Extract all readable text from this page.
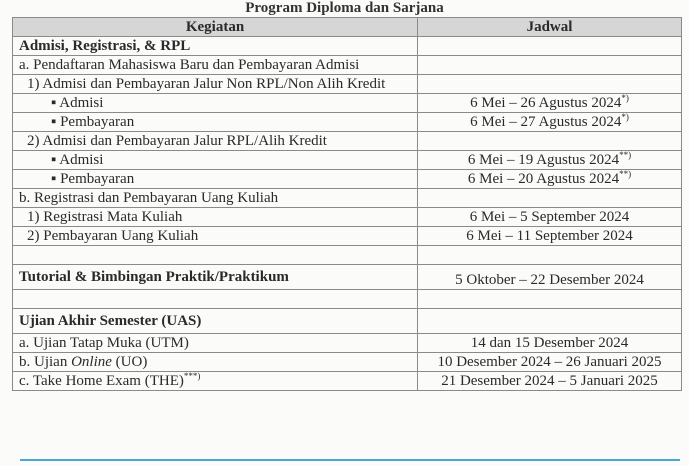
Program Diploma dan Sarjana
Kegiatan	Jadwal
Admisi, Registrasi, & RPL	
a. Pendaftaran Mahasiswa Baru dan Pembayaran Admisi	
1) Admisi dan Pembayaran Jalur Non RPL/Non Alih Kredit	
▪ Admisi	6 Mei – 26 Agustus 2024*)
▪ Pembayaran	6 Mei – 27 Agustus 2024*)
2) Admisi dan Pembayaran Jalur RPL/Alih Kredit	
▪ Admisi	6 Mei – 19 Agustus 2024**)
▪ Pembayaran	6 Mei – 20 Agustus 2024**)
b. Registrasi dan Pembayaran Uang Kuliah	
1) Registrasi Mata Kuliah	6 Mei – 5 September 2024
2) Pembayaran Uang Kuliah	6 Mei – 11 September 2024

Tutorial & Bimbingan Praktik/Praktikum	5 Oktober – 22 Desember 2024

Ujian Akhir Semester (UAS)	
a. Ujian Tatap Muka (UTM)	14 dan 15 Desember 2024
b. Ujian Online (UO)	10 Desember 2024 – 26 Januari 2025
c. Take Home Exam (THE)***)	21 Desember 2024 – 5 Januari 2025
